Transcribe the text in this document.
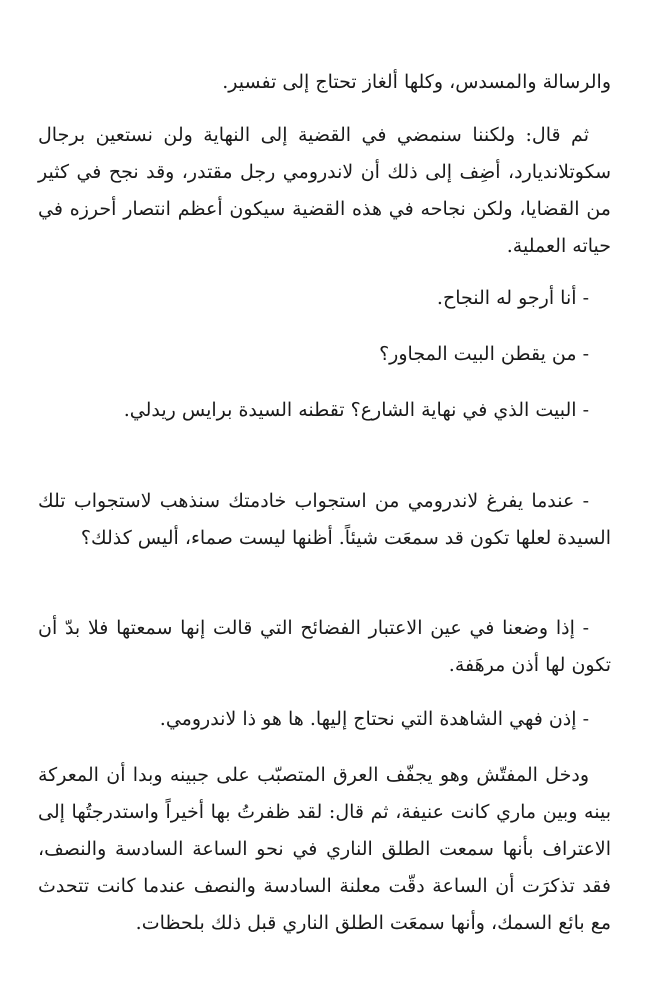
والرسالة والمسدس، وكلها ألغاز تحتاج إلى تفسير.

ثم قال: ولكننا سنمضي في القضية إلى النهاية ولن نستعين برجال سكوتلانديارد، أضِف إلى ذلك أن لاندرومي رجل مقتدر، وقد نجح في كثير من القضايا، ولكن نجاحه في هذه القضية سيكون أعظم انتصار أحرزه في حياته العملية.

- أنا أرجو له النجاح.

- من يقطن البيت المجاور؟

- البيت الذي في نهاية الشارع؟ تقطنه السيدة برايس ريدلي.

- عندما يفرغ لاندرومي من استجواب خادمتك سنذهب لاستجواب تلك السيدة لعلها تكون قد سمعَت شيئاً. أظنها ليست صماء، أليس كذلك؟

- إذا وضعنا في عين الاعتبار الفضائح التي قالت إنها سمعتها فلا بدّ أن تكون لها أذن مرهَفة.

- إذن فهي الشاهدة التي نحتاج إليها. ها هو ذا لاندرومي.

ودخل المفتّش وهو يجفّف العرق المتصبّب على جبينه وبدا أن المعركة بينه وبين ماري كانت عنيفة، ثم قال: لقد ظفرتُ بها أخيراً واستدرجتُها إلى الاعتراف بأنها سمعت الطلق الناري في نحو الساعة السادسة والنصف، فقد تذكرَت أن الساعة دقّت معلنة السادسة والنصف عندما كانت تتحدث مع بائع السمك، وأنها سمعَت الطلق الناري قبل ذلك بلحظات.
